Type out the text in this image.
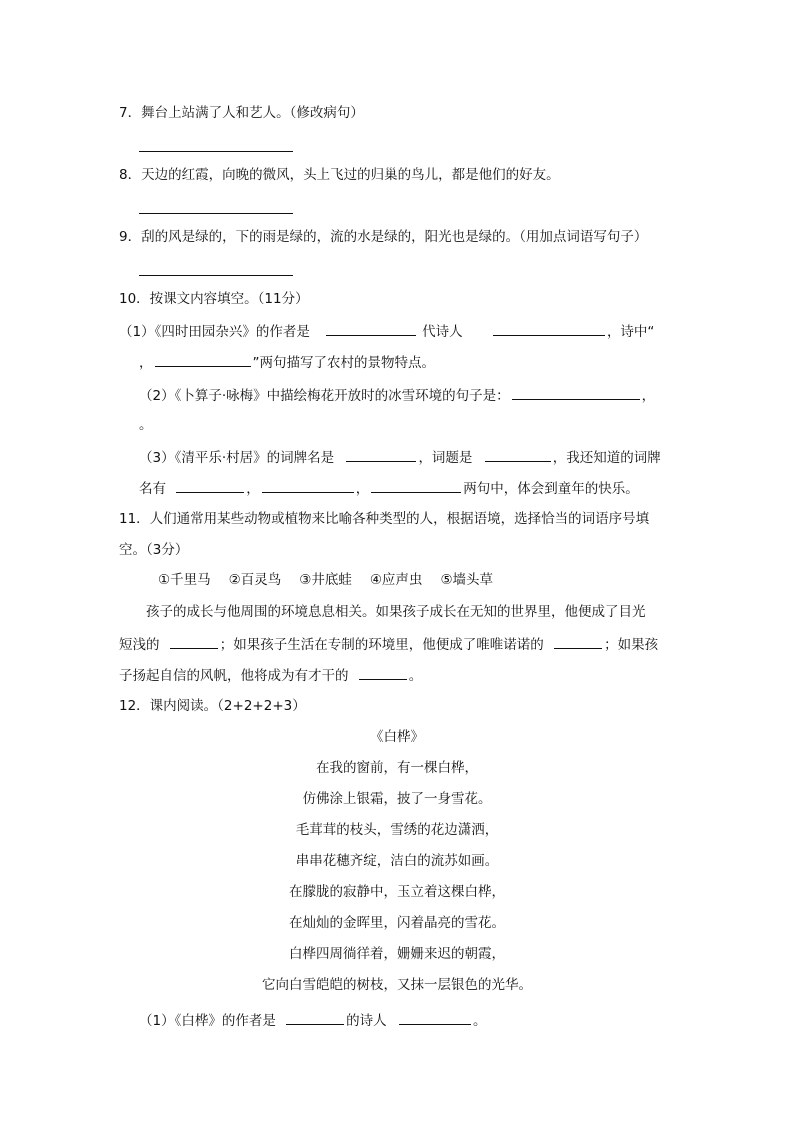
7．舞台上站满了人和艺人。（修改病句）
8．天边的红霞，向晚的微风，头上飞过的归巢的鸟儿，都是他们的好友。
9．刮的风是绿的，下的雨是绿的，流的水是绿的，阳光也是绿的。（用加点词语写句子）
10．按课文内容填空。（11分）
（1）《四时田园杂兴》的作者是	代诗人	，诗中“
，	”两句描写了农村的景物特点。
（2）《卜算子·咏梅》中描绘梅花开放时的冰雪环境的句子是：	，
。
（3）《清平乐·村居》的词牌名是	，词题是	，我还知道的词牌
名有	，	，	两句中，体会到童年的快乐。
11．人们通常用某些动物或植物来比喻各种类型的人，根据语境，选择恰当的词语序号填
空。（3分）
①千里马 ②百灵鸟 ③井底蛙 ④应声虫 ⑤墙头草
孩子的成长与他周围的环境息息相关。如果孩子成长在无知的世界里，他便成了目光
短浅的	；如果孩子生活在专制的环境里，他便成了唯唯诺诺的	；如果孩
子扬起自信的风帆，他将成为有才干的	。
12．课内阅读。（2+2+2+3）
《白桦》
在我的窗前，有一棵白桦，
仿佛涂上银霜，披了一身雪花。
毛茸茸的枝头，雪绣的花边潇洒，
串串花穗齐绽，洁白的流苏如画。
在朦胧的寂静中，玉立着这棵白桦，
在灿灿的金晖里，闪着晶亮的雪花。
白桦四周徜徉着，姗姗来迟的朝霞，
它向白雪皑皑的树枝，又抹一层银色的光华。
（1）《白桦》的作者是	的诗人	。
